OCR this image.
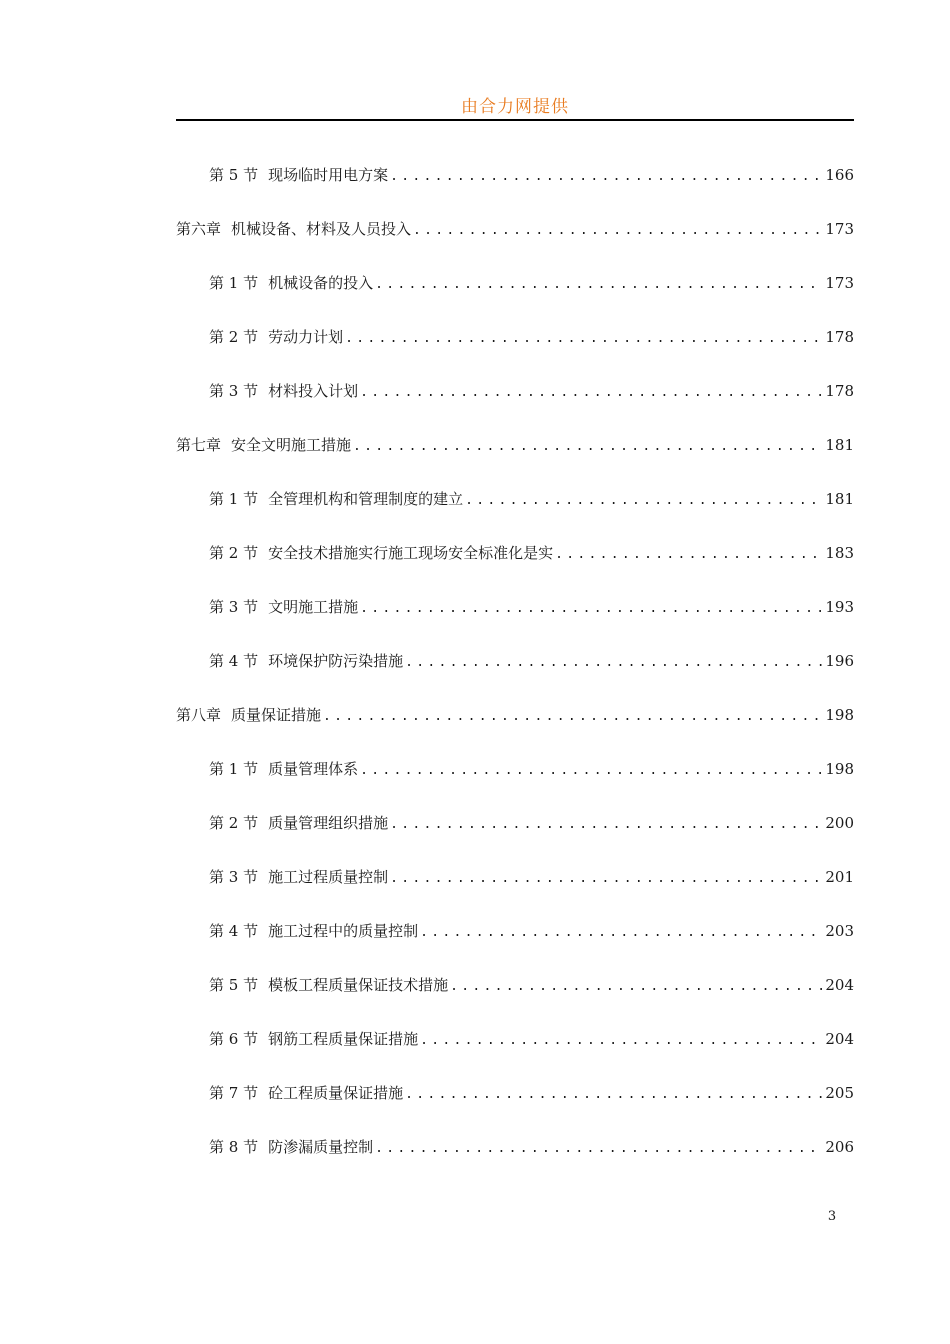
由合力网提供
第 5 节 现场临时用电方案 .....	166
第六章 机械设备、材料及人员投入 .....	173
第 1 节 机械设备的投入 .....	173
第 2 节 劳动力计划 .....	178
第 3 节 材料投入计划 .....	178
第七章 安全文明施工措施 .....	181
第 1 节 全管理机构和管理制度的建立 .....	181
第 2 节 安全技术措施实行施工现场安全标准化是实 .....	183
第 3 节 文明施工措施 .....	193
第 4 节 环境保护防污染措施 .....	196
第八章 质量保证措施 .....	198
第 1 节 质量管理体系 .....	198
第 2 节 质量管理组织措施 .....	200
第 3 节 施工过程质量控制 .....	201
第 4 节 施工过程中的质量控制 .....	203
第 5 节 模板工程质量保证技术措施 .....	204
第 6 节 钢筋工程质量保证措施 .....	204
第 7 节 砼工程质量保证措施 .....	205
第 8 节 防渗漏质量控制 .....	206
3
